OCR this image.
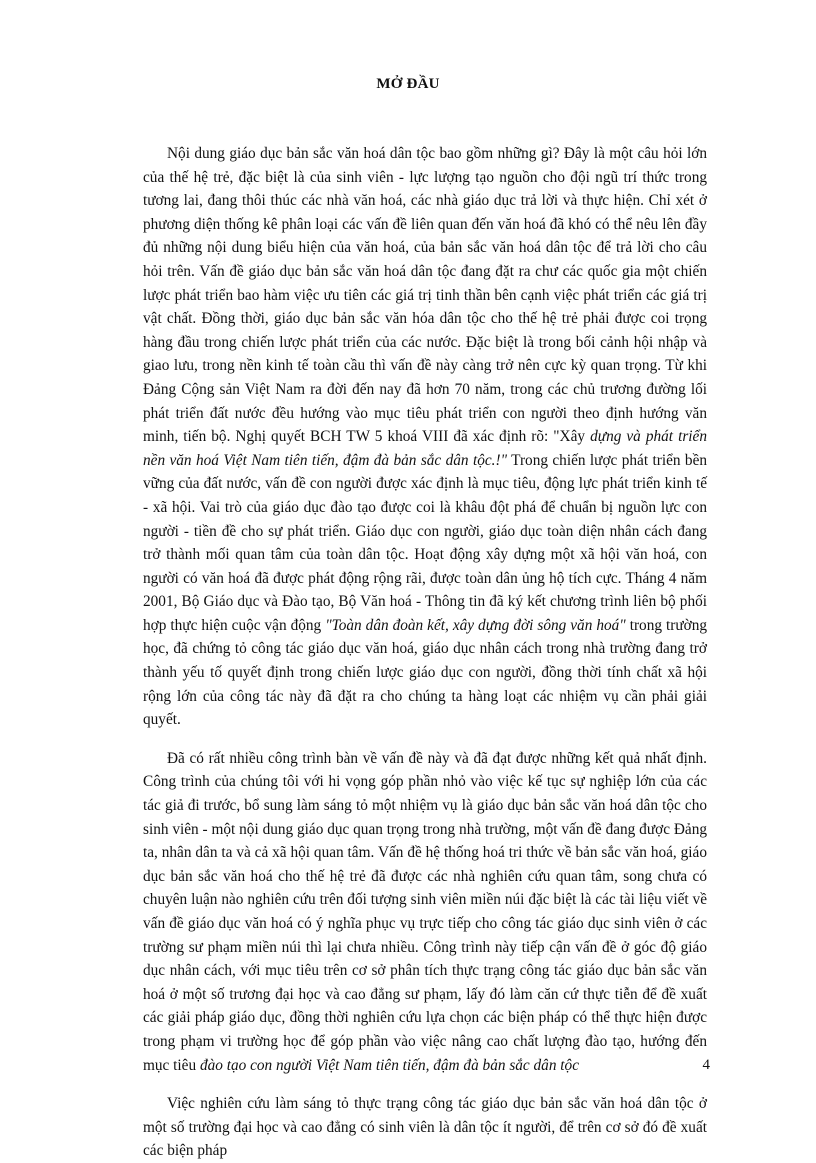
MỞ ĐẦU

Nội dung giáo dục bản sắc văn hoá dân tộc bao gồm những gì? Đây là một câu hỏi lớn của thế hệ trẻ, đặc biệt là của sinh viên - lực lượng tạo nguồn cho đội ngũ trí thức trong tương lai, đang thôi thúc các nhà văn hoá, các nhà giáo dục trả lời và thực hiện. Chỉ xét ở phương diện thống kê phân loại các vấn đề liên quan đến văn hoá đã khó có thể nêu lên đầy đủ những nội dung biểu hiện của văn hoá, của bản sắc văn hoá dân tộc để trả lời cho câu hỏi trên. Vấn đề giáo dục bản sắc văn hoá dân tộc đang đặt ra chư các quốc gia một chiến lược phát triển bao hàm việc ưu tiên các giá trị tinh thần bên cạnh việc phát triển các giá trị vật chất. Đồng thời, giáo dục bản sắc văn hóa dân tộc cho thế hệ trẻ phải được coi trọng hàng đầu trong chiến lược phát triển của các nước. Đặc biệt là trong bối cảnh hội nhập và giao lưu, trong nền kinh tế toàn cầu thì vấn đề này càng trở nên cực kỳ quan trọng. Từ khi Đảng Cộng sản Việt Nam ra đời đến nay đã hơn 70 năm, trong các chủ trương đường lối phát triển đất nước đều hướng vào mục tiêu phát triển con người theo định hướng văn minh, tiến bộ. Nghị quyết BCH TW 5 khoá VIII đã xác định rõ: "Xây dựng và phát triển nền văn hoá Việt Nam tiên tiến, đậm đà bản sắc dân tộc.!" Trong chiến lược phát triển bền vững của đất nước, vấn đề con người được xác định là mục tiêu, động lực phát triển kinh tế - xã hội. Vai trò của giáo dục đào tạo được coi là khâu đột phá để chuẩn bị nguồn lực con người - tiền đề cho sự phát triển. Giáo dục con người, giáo dục toàn diện nhân cách đang trở thành mối quan tâm của toàn dân tộc. Hoạt động xây dựng một xã hội văn hoá, con người có văn hoá đã được phát động rộng rãi, được toàn dân ủng hộ tích cực. Tháng 4 năm 2001, Bộ Giáo dục và Đào tạo, Bộ Văn hoá - Thông tin đã ký kết chương trình liên bộ phối hợp thực hiện cuộc vận động "Toàn dân đoàn kết, xây dựng đời sông văn hoá" trong trường học, đã chứng tỏ công tác giáo dục văn hoá, giáo dục nhân cách trong nhà trường đang trở thành yếu tố quyết định trong chiến lược giáo dục con người, đồng thời tính chất xã hội rộng lớn của công tác này đã đặt ra cho chúng ta hàng loạt các nhiệm vụ cần phải giải quyết.

Đã có rất nhiều công trình bàn về vấn đề này và đã đạt được những kết quả nhất định. Công trình của chúng tôi với hi vọng góp phần nhỏ vào việc kế tục sự nghiệp lớn của các tác giả đi trước, bổ sung làm sáng tỏ một nhiệm vụ là giáo dục bản sắc văn hoá dân tộc cho sinh viên - một nội dung giáo dục quan trọng trong nhà trường, một vấn đề đang được Đảng ta, nhân dân ta và cả xã hội quan tâm. Vấn đề hệ thống hoá tri thức về bản sắc văn hoá, giáo dục bản sắc văn hoá cho thế hệ trẻ đã được các nhà nghiên cứu quan tâm, song chưa có chuyên luận nào nghiên cứu trên đối tượng sinh viên miền núi đặc biệt là các tài liệu viết về vấn đề giáo dục văn hoá có ý nghĩa phục vụ trực tiếp cho công tác giáo dục sinh viên ở các trường sư phạm miền núi thì lại chưa nhiều. Công trình này tiếp cận vấn đề ở góc độ giáo dục nhân cách, với mục tiêu trên cơ sở phân tích thực trạng công tác giáo dục bản sắc văn hoá ở một số trương đại học và cao đẳng sư phạm, lấy đó làm căn cứ thực tiễn để đề xuất các giải pháp giáo dục, đồng thời nghiên cứu lựa chọn các biện pháp có thể thực hiện được trong phạm vi trường học để góp phần vào việc nâng cao chất lượng đào tạo, hướng đến mục tiêu đào tạo con người Việt Nam tiên tiến, đậm đà bản sắc dân tộc

Việc nghiên cứu làm sáng tỏ thực trạng công tác giáo dục bản sắc văn hoá dân tộc ở một số trường đại học và cao đẳng có sinh viên là dân tộc ít người, để trên cơ sở đó đề xuất các biện pháp

4
